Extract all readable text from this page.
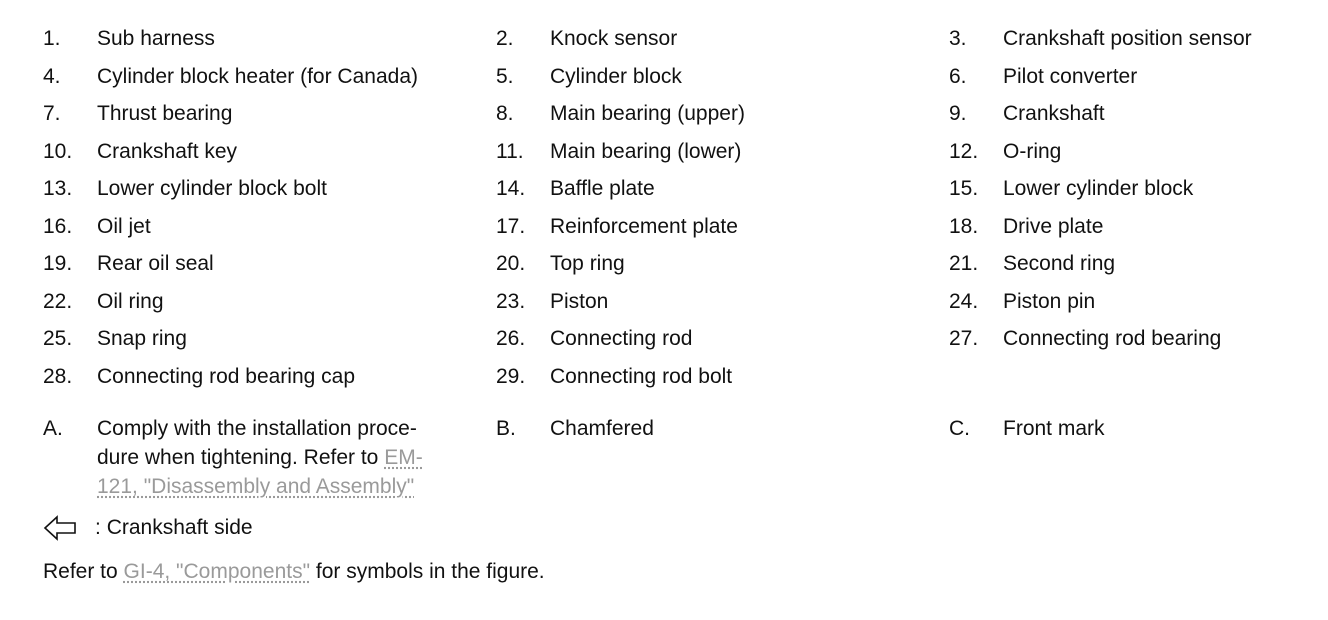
1.	Sub harness	2.	Knock sensor	3.	Crankshaft position sensor
4.	Cylinder block heater (for Canada)	5.	Cylinder block	6.	Pilot converter
7.	Thrust bearing	8.	Main bearing (upper)	9.	Crankshaft
10.	Crankshaft key	11.	Main bearing (lower)	12.	O-ring
13.	Lower cylinder block bolt	14.	Baffle plate	15.	Lower cylinder block
16.	Oil jet	17.	Reinforcement plate	18.	Drive plate
19.	Rear oil seal	20.	Top ring	21.	Second ring
22.	Oil ring	23.	Piston	24.	Piston pin
25.	Snap ring	26.	Connecting rod	27.	Connecting rod bearing
28.	Connecting rod bearing cap	29.	Connecting rod bolt
A.	Comply with the installation proce-
dure when tightening. Refer to EM-
121, "Disassembly and Assembly"
B.	Chamfered	C.	Front mark
:
Crankshaft side
Refer to GI-4, "Components" for symbols in the figure.
